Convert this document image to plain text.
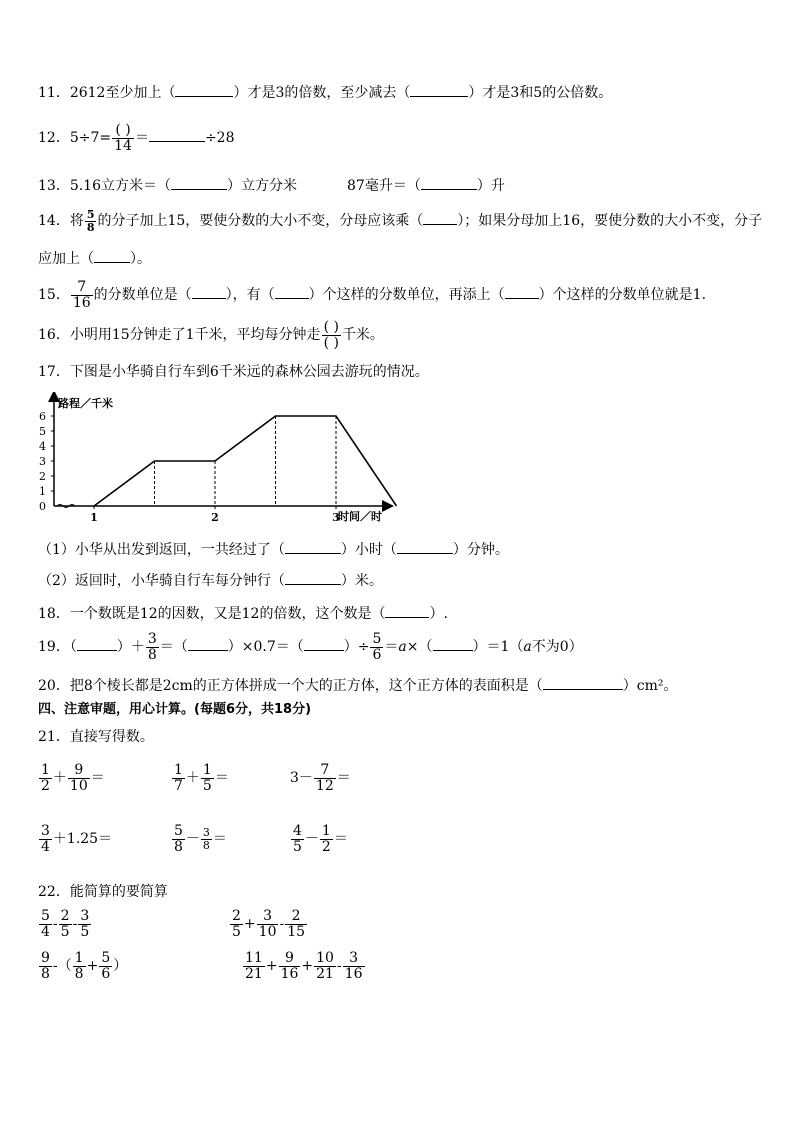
11．2612至少加上（	）才是3的倍数，至少减去（	）才是3和5的公倍数。
12．$5\div 7= \frac{( )}{14}$ ＝	÷28
13．5.16立方米＝（	）立方分米	87毫升＝（	）升
14．将 $\frac{5}{8}$ 的分子加上15，要使分数的大小不变，分母应该乘（ ）；如果分母加上16，要使分数的大小不变，分子
应加上（	）。
15． $\frac{7}{16}$ 的分数单位是（ ），有（ ）个这样的分数单位，再添上（ ）个这样的分数单位就是1.
16．小明用15分钟走了1千米，平均每分钟走 $\frac{( )}{( )}$ 千米。
17．下图是小华骑自行车到6千米远的森林公园去游玩的情况。
0
1
2
3
4
5
6
1	2	3
路程／千米
时间／时
（1）小华从出发到返回，一共经过了（	）小时（	）分钟。
（2）返回时，小华骑自行车每分钟行（	）米。
18．一个数既是12的因数，又是12的倍数，这个数是（	）.
19．（	）＋ $\frac{3}{8}$ ＝（	）×0.7＝（	）÷ $\frac{5}{6} =a\times$（	）＝1（a不为0）
20．把8个棱长都是2cm的正方体拼成一个大的正方体，这个正方体的表面积是（	）cm²。
四、注意审题，用心计算。(每题6分，共18分)
21．直接写得数。
$\frac{1}{2} + \frac{9}{10}$ ＝	$\frac{1}{7} + \frac{1}{5}$ ＝	$3- \frac{7}{12}$ ＝
$\frac{3}{4} +1.25=$	$\frac{5}{8} - \frac{3}{8}$ ＝	$\frac{4}{5} - \frac{1}{2}$ ＝
22．能简算的要简算
$\frac{5}{4} - \frac{2}{5} - \frac{3}{5}$	$\frac{2}{5} + \frac{3}{10} - \frac{2}{15}$
$\frac{9}{8}$ -（ $\frac{1}{8} + \frac{5}{6}$ ）	$\frac{11}{21} + \frac{9}{16} + \frac{10}{21} - \frac{3}{16}$
